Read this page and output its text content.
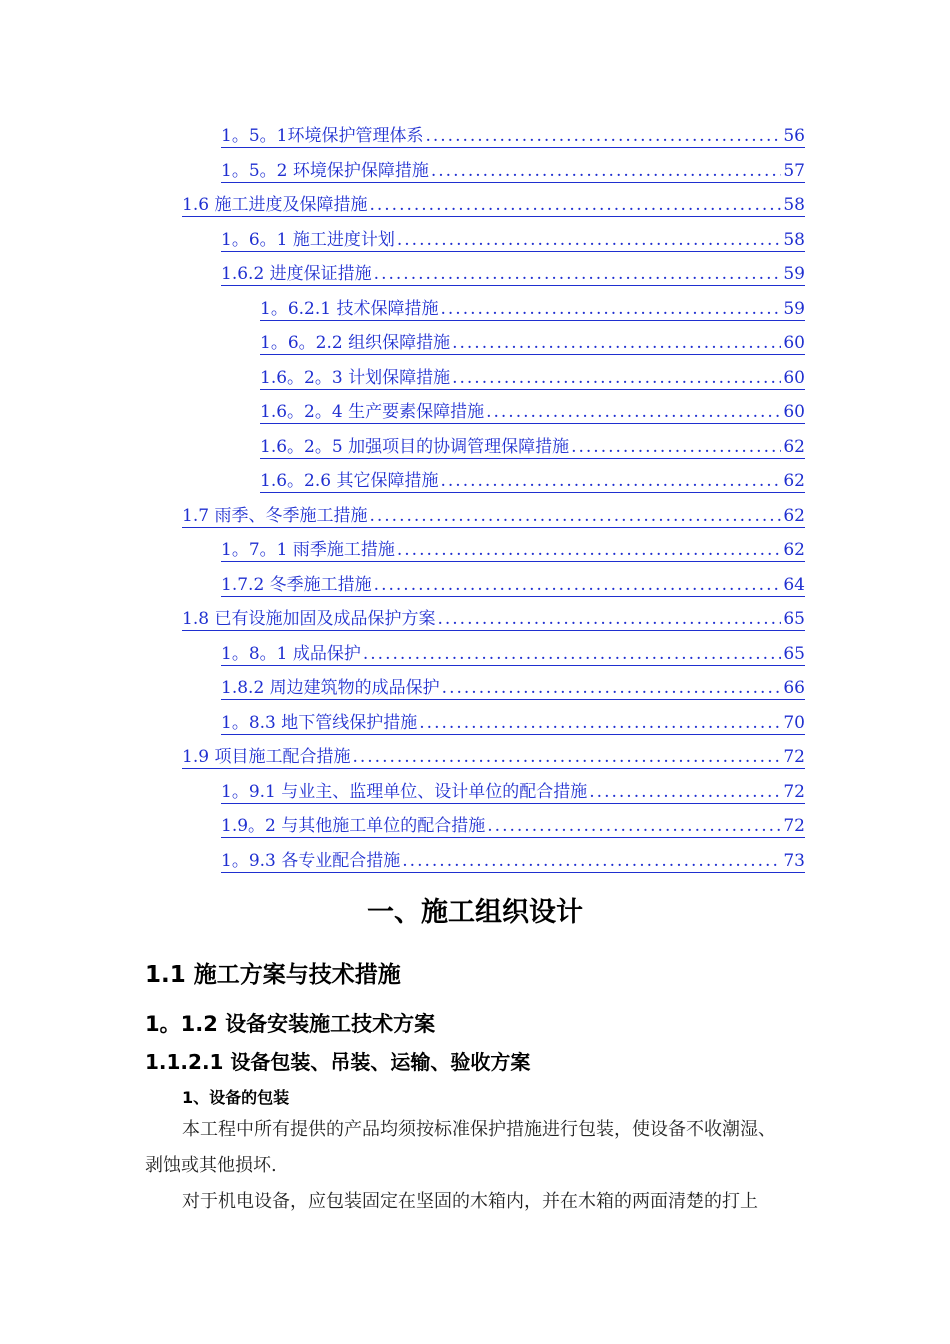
1。5。1环境保护管理体系 .....	56
1。5。2 环境保护保障措施 .....	57
1.6 施工进度及保障措施 .....	58
1。6。1 施工进度计划 .....	58
1.6.2 进度保证措施 .....	59
1。6.2.1 技术保障措施 .....	59
1。6。2.2 组织保障措施 .....	60
1.6。2。3 计划保障措施 .....	60
1.6。2。4 生产要素保障措施 .....	60
1.6。2。5 加强项目的协调管理保障措施 .....	62
1.6。2.6 其它保障措施 .....	62
1.7 雨季、冬季施工措施 .....	62
1。7。1 雨季施工措施 .....	62
1.7.2 冬季施工措施 .....	64
1.8 已有设施加固及成品保护方案 .....	65
1。8。1 成品保护 .....	65
1.8.2 周边建筑物的成品保护 .....	66
1。8.3 地下管线保护措施 .....	70
1.9 项目施工配合措施 .....	72
1。9.1 与业主、监理单位、设计单位的配合措施 .....	72
1.9。2 与其他施工单位的配合措施 .....	72
1。9.3 各专业配合措施 .....	73
一、施工组织设计
1.1 施工方案与技术措施
1。1.2 设备安装施工技术方案
1.1.2.1 设备包装、吊装、运输、验收方案
1、设备的包装
本工程中所有提供的产品均须按标准保护措施进行包装，使设备不收潮湿、
剥蚀或其他损坏.
对于机电设备，应包装固定在坚固的木箱内，并在木箱的两面清楚的打上
